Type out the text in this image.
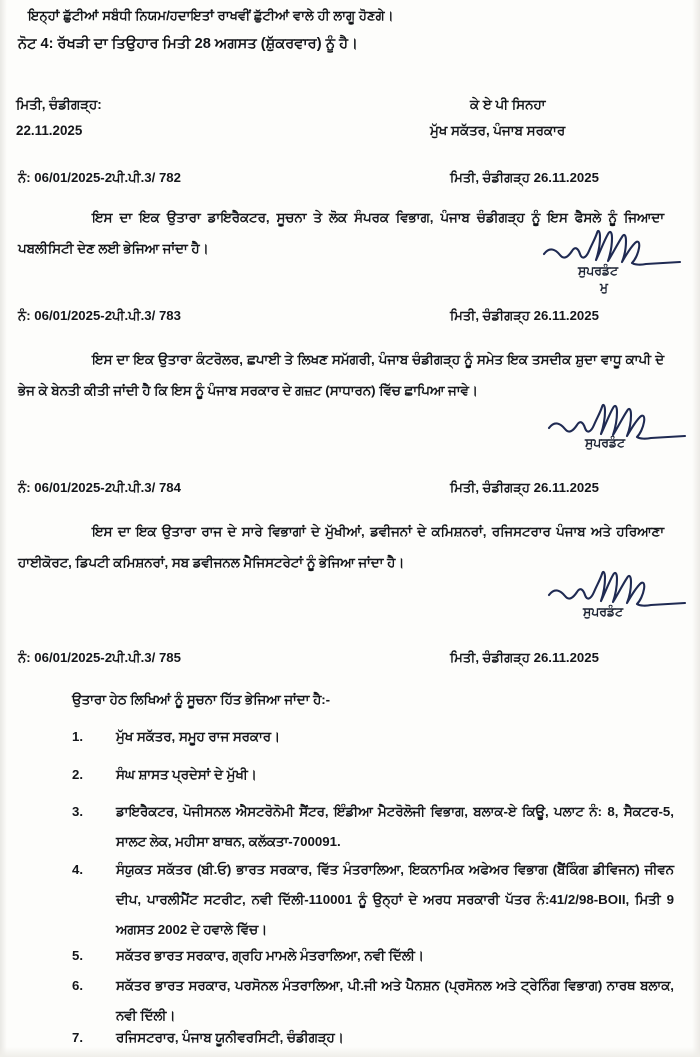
ਇਨ੍ਹਾਂ ਛੁੱਟੀਆਂ ਸਬੰਧੀ ਨਿਯਮ/ਹਦਾਇਤਾਂ ਰਾਖਵੀਂ ਛੁੱਟੀਆਂ ਵਾਲੇ ਹੀ ਲਾਗੂ ਹੋਣਗੇ।
ਨੋਟ 4: ਰੱਖੜੀ ਦਾ ਤਿਉਹਾਰ ਮਿਤੀ 28 ਅਗਸਤ (ਸ਼ੁੱਕਰਵਾਰ) ਨੂੰ ਹੈ।
ਮਿਤੀ, ਚੰਡੀਗੜ੍ਹ:
22.11.2025
ਕੇ ਏ ਪੀ ਸਿਨਹਾ
ਮੁੱਖ ਸਕੱਤਰ, ਪੰਜਾਬ ਸਰਕਾਰ
ਨੰ: 06/01/2025-2ਪੀ.ਪੀ.3/ 782	ਮਿਤੀ, ਚੰਡੀਗੜ੍ਹ 26.11.2025
ਇਸ ਦਾ ਇਕ ਉਤਾਰਾ ਡਾਇਰੈਕਟਰ, ਸੂਚਨਾ ਤੇ ਲੋਕ ਸੰਪਰਕ ਵਿਭਾਗ, ਪੰਜਾਬ ਚੰਡੀਗੜ੍ਹ ਨੂੰ ਇਸ ਫੈਸਲੇ ਨੂੰ ਜਿਆਦਾ ਪਬਲੀਸਿਟੀ ਦੇਣ ਲਈ ਭੇਜਿਆ ਜਾਂਦਾ ਹੈ।
ਸੁਪਰਡੰਟ
ਮੁ
ਨੰ: 06/01/2025-2ਪੀ.ਪੀ.3/ 783	ਮਿਤੀ, ਚੰਡੀਗੜ੍ਹ 26.11.2025
ਇਸ ਦਾ ਇਕ ਉਤਾਰਾ ਕੰਟਰੋਲਰ, ਛਪਾਈ ਤੇ ਲਿਖਣ ਸਮੱਗਰੀ, ਪੰਜਾਬ ਚੰਡੀਗੜ੍ਹ ਨੂੰ ਸਮੇਤ ਇਕ ਤਸਦੀਕ ਸ਼ੁਦਾ ਵਾਧੂ ਕਾਪੀ ਦੇ ਭੇਜ ਕੇ ਬੇਨਤੀ ਕੀਤੀ ਜਾਂਦੀ ਹੈ ਕਿ ਇਸ ਨੂੰ ਪੰਜਾਬ ਸਰਕਾਰ ਦੇ ਗਜ਼ਟ (ਸਾਧਾਰਨ) ਵਿੱਚ ਛਾਪਿਆ ਜਾਵੇ।
ਸੁਪਰਡੰਟ
ਨੰ: 06/01/2025-2ਪੀ.ਪੀ.3/ 784	ਮਿਤੀ, ਚੰਡੀਗੜ੍ਹ 26.11.2025
ਇਸ ਦਾ ਇਕ ਉਤਾਰਾ ਰਾਜ ਦੇ ਸਾਰੇ ਵਿਭਾਗਾਂ ਦੇ ਮੁੱਖੀਆਂ, ਡਵੀਜਨਾਂ ਦੇ ਕਮਿਸ਼ਨਰਾਂ, ਰਜਿਸਟਰਾਰ ਪੰਜਾਬ ਅਤੇ ਹਰਿਆਣਾ ਹਾਈਕੋਰਟ, ਡਿਪਟੀ ਕਮਿਸ਼ਨਰਾਂ, ਸਬ ਡਵੀਜਨਲ ਮੈਜਿਸਟਰੇਟਾਂ ਨੂੰ ਭੇਜਿਆ ਜਾਂਦਾ ਹੈ।
ਸੁਪਰਡੰਟ
ਨੰ: 06/01/2025-2ਪੀ.ਪੀ.3/ 785	ਮਿਤੀ, ਚੰਡੀਗੜ੍ਹ 26.11.2025
ਉਤਾਰਾ ਹੇਠ ਲਿਖਿਆਂ ਨੂੰ ਸੂਚਨਾ ਹਿੱਤ ਭੇਜਿਆ ਜਾਂਦਾ ਹੈ:-
1.	ਮੁੱਖ ਸਕੱਤਰ, ਸਮੂਹ ਰਾਜ ਸਰਕਾਰ।
2.	ਸੰਘ ਸ਼ਾਸਤ ਪ੍ਰਦੇਸਾਂ ਦੇ ਮੁੱਖੀ।
3.	ਡਾਇਰੈਕਟਰ, ਪੋਜੀਸਨਲ ਐਸਟਰੋਨੋਮੀ ਸੈਂਟਰ, ਇੰਡੀਆ ਮੈਟਰੋਲੋਜੀ ਵਿਭਾਗ, ਬਲਾਕ-ਏ ਕਿਊ, ਪਲਾਟ ਨੰ: 8, ਸੈਕਟਰ-5, ਸਾਲਟ ਲੇਕ, ਮਹੀਸਾ ਬਾਥਨ, ਕਲੱਕਤਾ-700091.
4.	ਸੰਯੁਕਤ ਸਕੱਤਰ (ਬੀ.ਓ) ਭਾਰਤ ਸਰਕਾਰ, ਵਿੱਤ ਮੰਤਰਾਲਿਆ, ਇਕਨਾਮਿਕ ਅਫੇਅਰ ਵਿਭਾਗ (ਬੈਂਕਿੰਗ ਡੀਵਿਜਨ) ਜੀਵਨ ਦੀਪ, ਪਾਰਲੀਮੈਂਟ ਸਟਰੀਟ, ਨਵੀ ਦਿੱਲੀ-110001 ਨੂੰ ਉਨ੍ਹਾਂ ਦੇ ਅਰਧ ਸਰਕਾਰੀ ਪੱਤਰ ਨੰ:41/2/98-BOII, ਮਿਤੀ 9 ਅਗਸਤ 2002 ਦੇ ਹਵਾਲੇ ਵਿੱਚ।
5.	ਸਕੱਤਰ ਭਾਰਤ ਸਰਕਾਰ, ਗ੍ਰਹਿ ਮਾਮਲੇ ਮੰਤਰਾਲਿਆ, ਨਵੀ ਦਿੱਲੀ।
6.	ਸਕੱਤਰ ਭਾਰਤ ਸਰਕਾਰ, ਪਰਸੋਨਲ ਮੰਤਰਾਲਿਆ, ਪੀ.ਜੀ ਅਤੇ ਪੈਨਸ਼ਨ (ਪ੍ਰਸੋਨਲ ਅਤੇ ਟ੍ਰੇਨਿੰਗ ਵਿਭਾਗ) ਨਾਰਥ ਬਲਾਕ, ਨਵੀ ਦਿੱਲੀ।
7.	ਰਜਿਸਟਰਾਰ, ਪੰਜਾਬ ਯੂਨੀਵਰਸਿਟੀ, ਚੰਡੀਗੜ੍ਹ।
